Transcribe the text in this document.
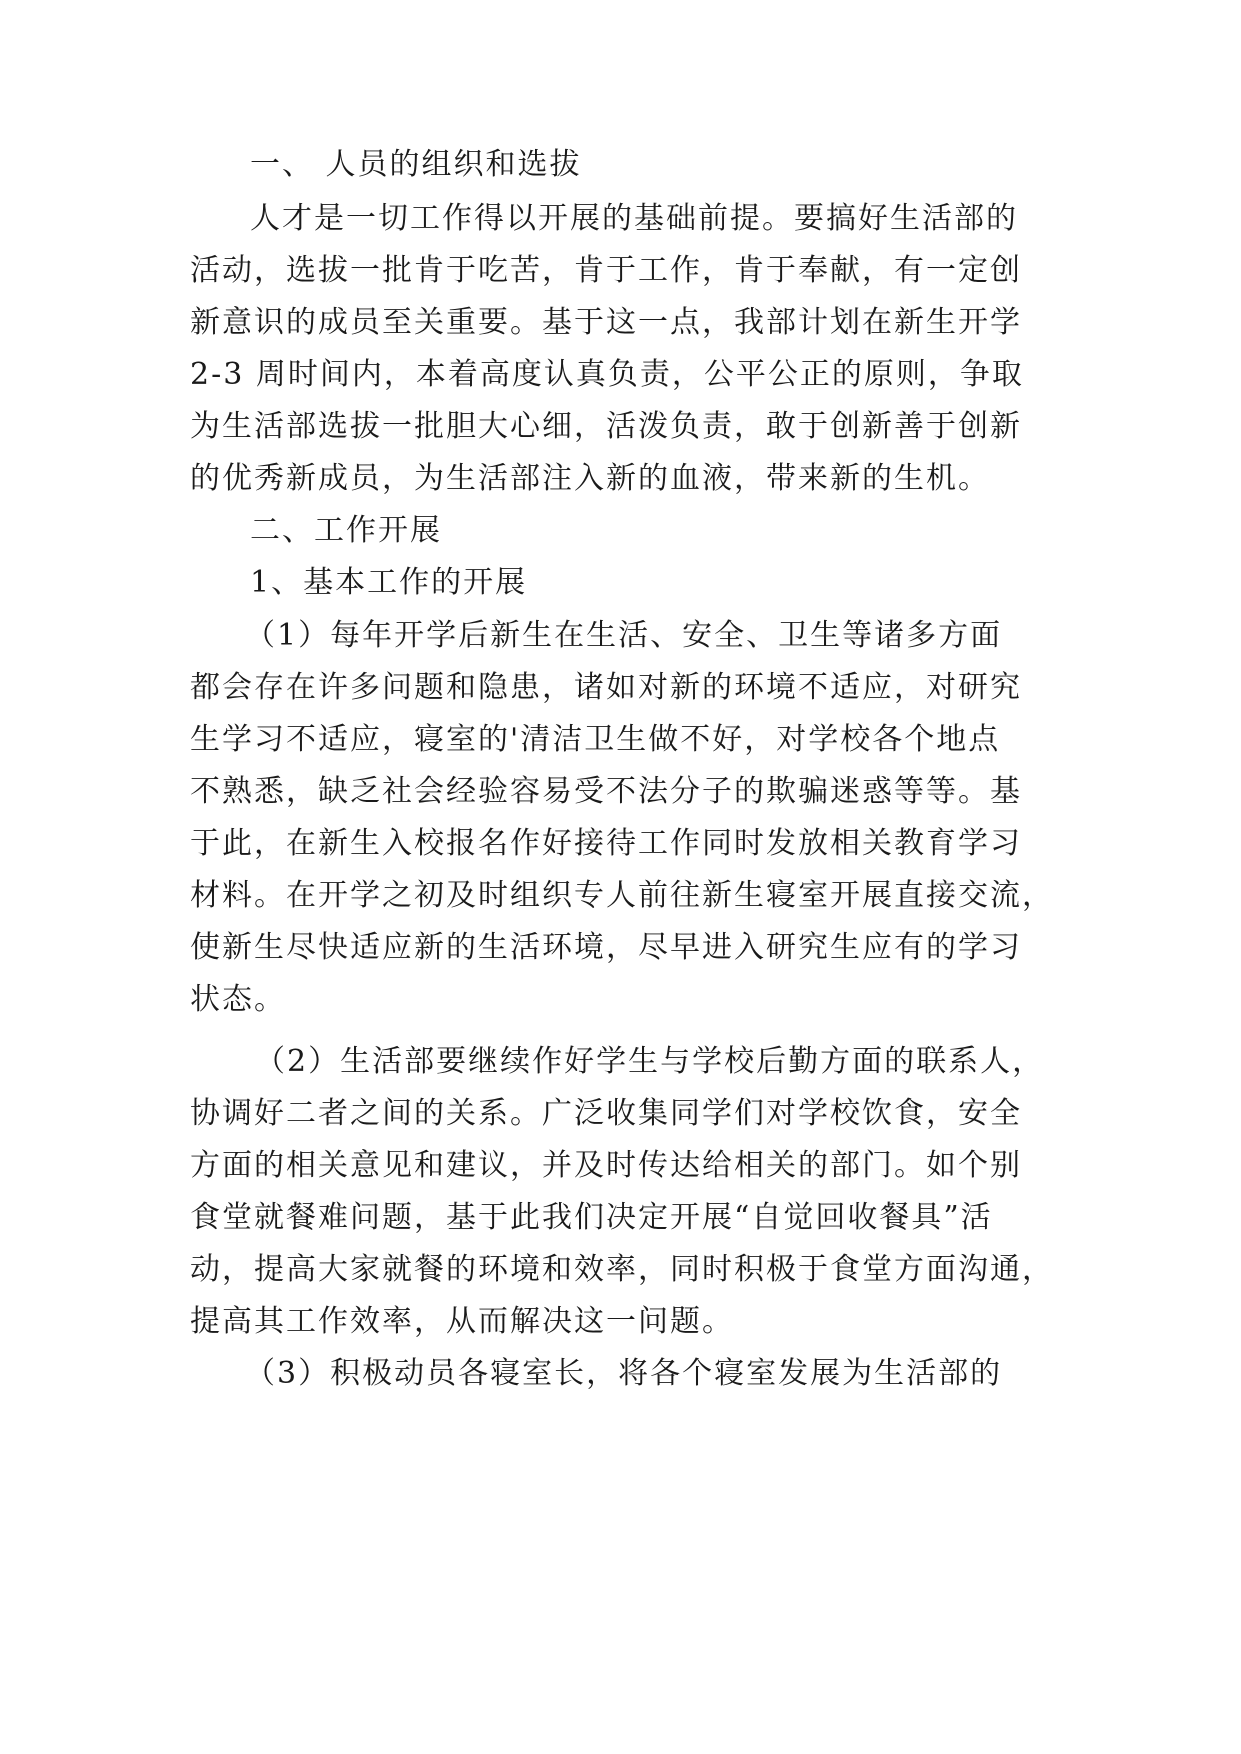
一、 人员的组织和选拔
人才是一切工作得以开展的基础前提。要搞好生活部的
活动，选拔一批肯于吃苦，肯于工作，肯于奉献，有一定创
新意识的成员至关重要。基于这一点，我部计划在新生开学
2-3 周时间内，本着高度认真负责，公平公正的原则，争取
为生活部选拔一批胆大心细，活泼负责，敢于创新善于创新
的优秀新成员，为生活部注入新的血液，带来新的生机。
二、工作开展
1、基本工作的开展
（1）每年开学后新生在生活、安全、卫生等诸多方面
都会存在许多问题和隐患，诸如对新的环境不适应，对研究
生学习不适应，寝室的'清洁卫生做不好，对学校各个地点
不熟悉，缺乏社会经验容易受不法分子的欺骗迷惑等等。基
于此，在新生入校报名作好接待工作同时发放相关教育学习
材料。在开学之初及时组织专人前往新生寝室开展直接交流，
使新生尽快适应新的生活环境，尽早进入研究生应有的学习
状态。
（2）生活部要继续作好学生与学校后勤方面的联系人，
协调好二者之间的关系。广泛收集同学们对学校饮食，安全
方面的相关意见和建议，并及时传达给相关的部门。如个别
食堂就餐难问题，基于此我们决定开展“自觉回收餐具”活
动，提高大家就餐的环境和效率，同时积极于食堂方面沟通，
提高其工作效率，从而解决这一问题。
（3）积极动员各寝室长，将各个寝室发展为生活部的
